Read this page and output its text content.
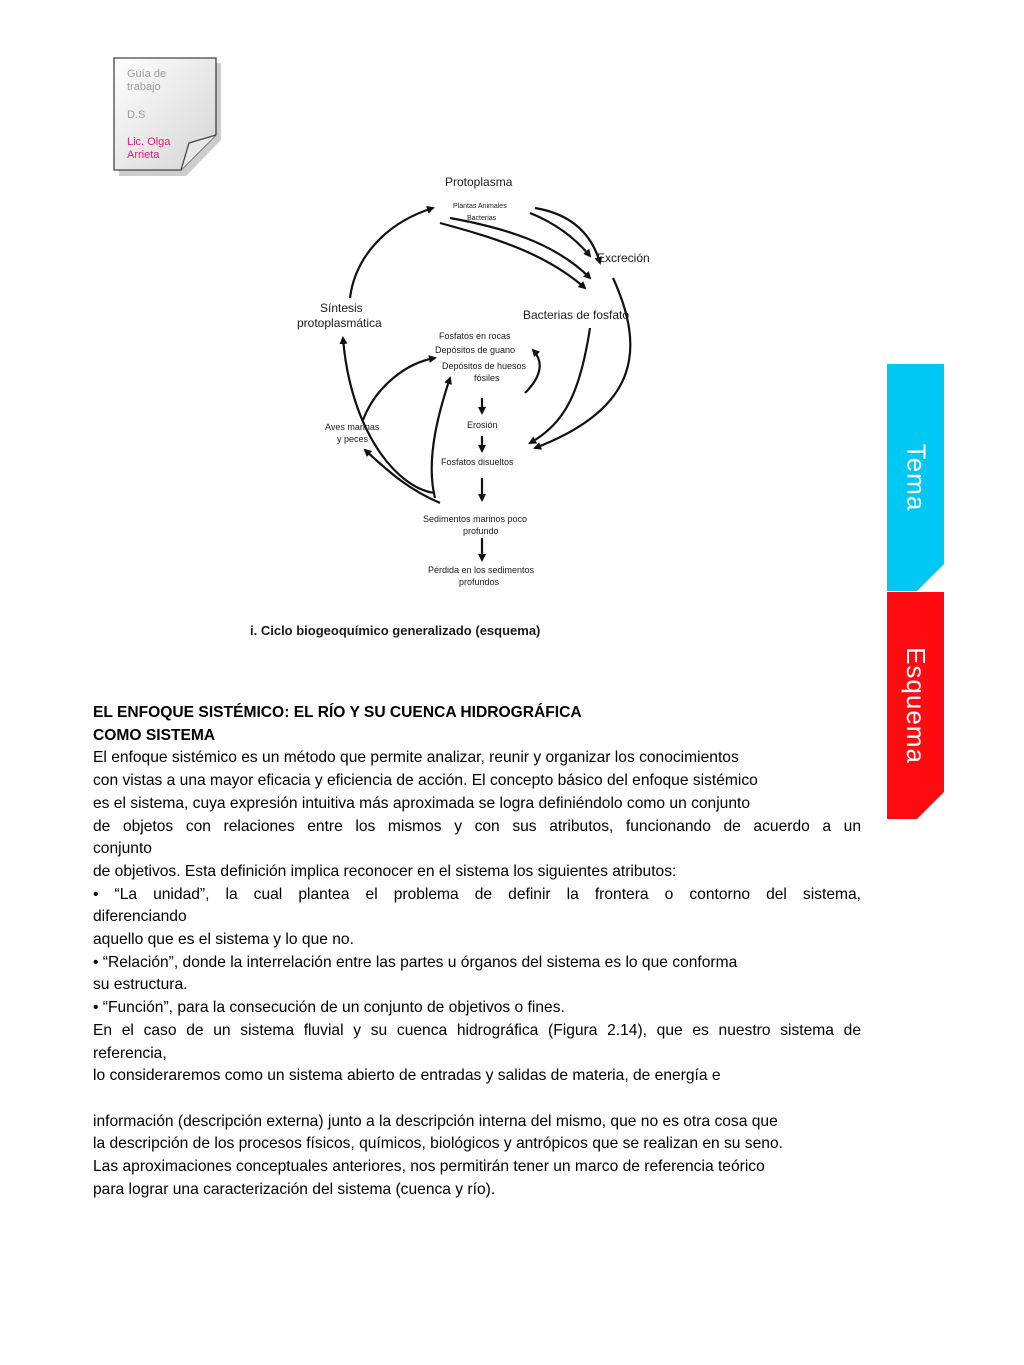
Guía de trabajo
D.S
Lic. Olga Arrieta
Protoplasma
Plantas Animales
Bacterias
Excreción
Síntesis
protoplasmática
Bacterias de fosfato
Fosfatos en rocas
Depósitos de guano
Depósitos de huesos
fósiles
Aves marinas
y peces
Erosión
Fosfatos disueltos
Sedimentos marinos poco
profundo
Pérdida en los sedimentos
profundos
i. Ciclo biogeoquímico generalizado (esquema)
Tema
Esquema

EL ENFOQUE SISTÉMICO: EL RÍO Y SU CUENCA HIDROGRÁFICA

COMO SISTEMA

El enfoque sistémico es un método que permite analizar, reunir y organizar los conocimientos

con vistas a una mayor eficacia y eficiencia de acción. El concepto básico del enfoque sistémico

es el sistema, cuya expresión intuitiva más aproximada se logra definiéndolo como un conjunto

de objetos con relaciones entre los mismos y con sus atributos, funcionando de acuerdo a un

conjunto

de objetivos. Esta definición implica reconocer en el sistema los siguientes atributos:

• “La unidad”, la cual plantea el problema de definir la frontera o contorno del sistema,

diferenciando

aquello que es el sistema y lo que no.

• “Relación”, donde la interrelación entre las partes u órganos del sistema es lo que conforma

su estructura.

• “Función”, para la consecución de un conjunto de objetivos o fines.

En el caso de un sistema fluvial y su cuenca hidrográfica (Figura 2.14), que es nuestro sistema de

referencia,

lo consideraremos como un sistema abierto de entradas y salidas de materia, de energía e

información (descripción externa) junto a la descripción interna del mismo, que no es otra cosa que

la descripción de los procesos físicos, químicos, biológicos y antrópicos que se realizan en su seno.

Las aproximaciones conceptuales anteriores, nos permitirán tener un marco de referencia teórico

para lograr una caracterización del sistema (cuenca y río).
